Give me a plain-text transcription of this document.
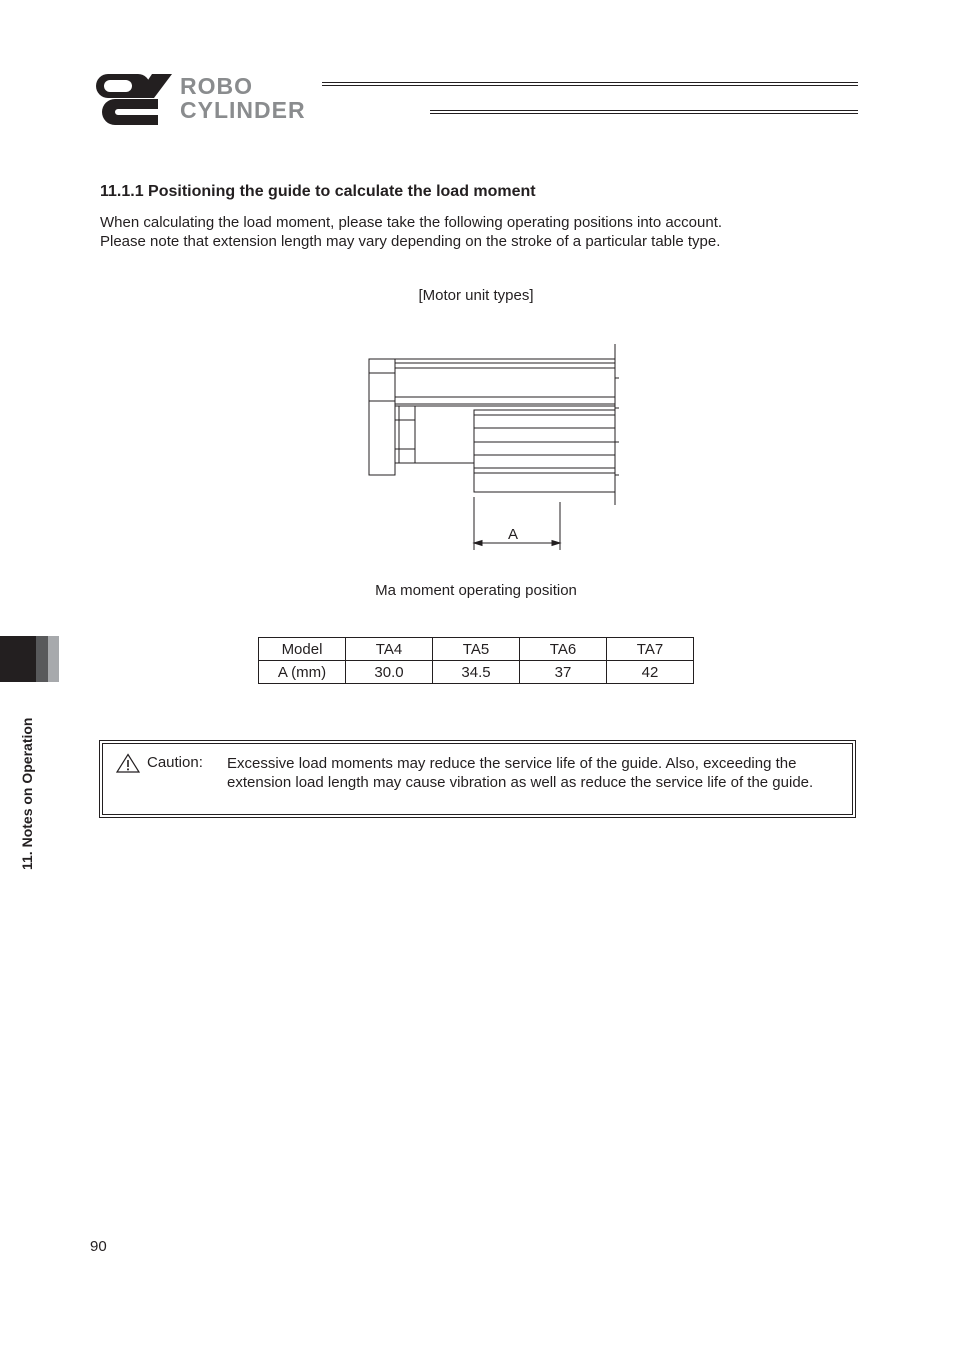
ROBO
CYLINDER
11.1.1 Positioning the guide to calculate the load moment
When calculating the load moment, please take the following operating positions into account.
Please note that extension length may vary depending on the stroke of a particular table type.
[Motor unit types]
A
Ma moment operating position
Model	TA4	TA5	TA6	TA7
A (mm)	30.0	34.5	37	42
Caution: Excessive load moments may reduce the service life of the guide. Also, exceeding the extension load length may cause vibration as well as reduce the service life of the guide.
11. Notes on Operation
90
